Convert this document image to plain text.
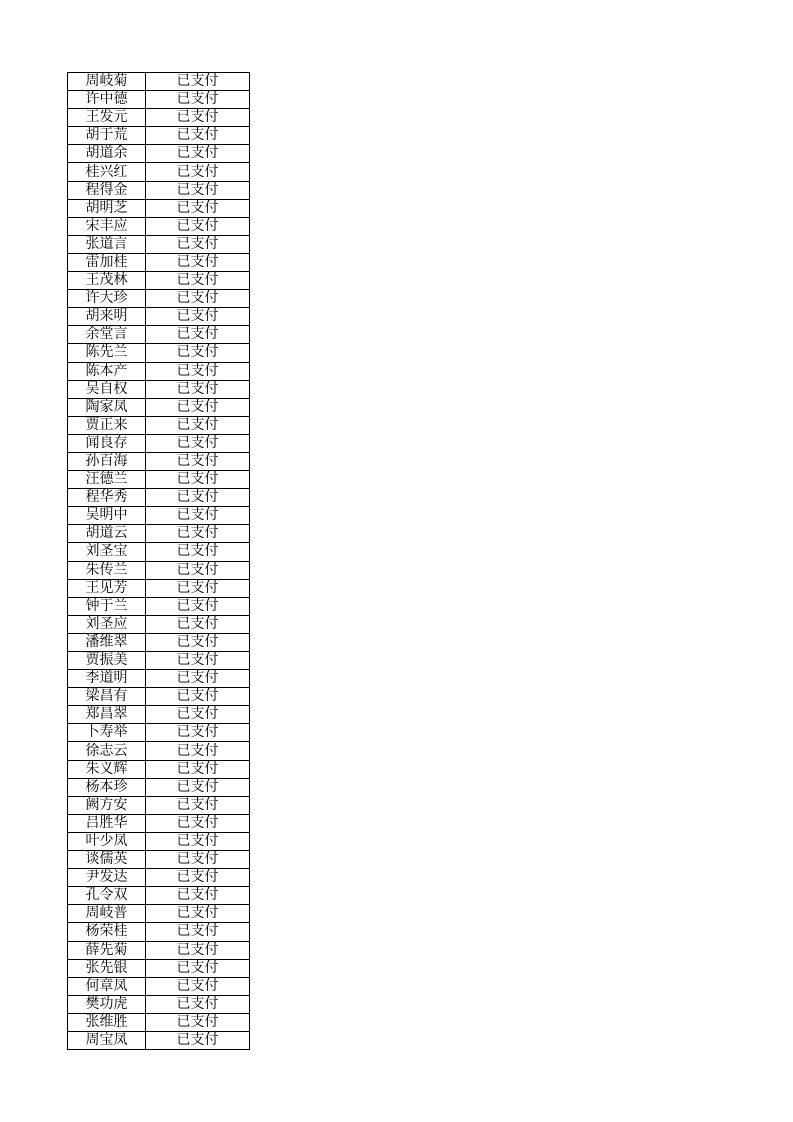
周岐菊	已支付
许中德	已支付
王发元	已支付
胡于荒	已支付
胡道余	已支付
桂兴红	已支付
程得金	已支付
胡明芝	已支付
宋丰应	已支付
张道言	已支付
雷加桂	已支付
王茂林	已支付
许大珍	已支付
胡来明	已支付
余堂言	已支付
陈先兰	已支付
陈本产	已支付
吴自权	已支付
陶家凤	已支付
贾正来	已支付
闻良存	已支付
孙百海	已支付
汪德兰	已支付
程华秀	已支付
吴明中	已支付
胡道云	已支付
刘圣宝	已支付
朱传兰	已支付
王见芳	已支付
钟于兰	已支付
刘圣应	已支付
潘维翠	已支付
贾振美	已支付
李道明	已支付
梁昌有	已支付
郑昌翠	已支付
卜寿举	已支付
徐志云	已支付
朱义辉	已支付
杨本珍	已支付
阙方安	已支付
吕胜华	已支付
叶少凤	已支付
谈儒英	已支付
尹发达	已支付
孔令双	已支付
周岐普	已支付
杨荣桂	已支付
薛先菊	已支付
张先银	已支付
何章凤	已支付
樊功虎	已支付
张维胜	已支付
周宝凤	已支付
